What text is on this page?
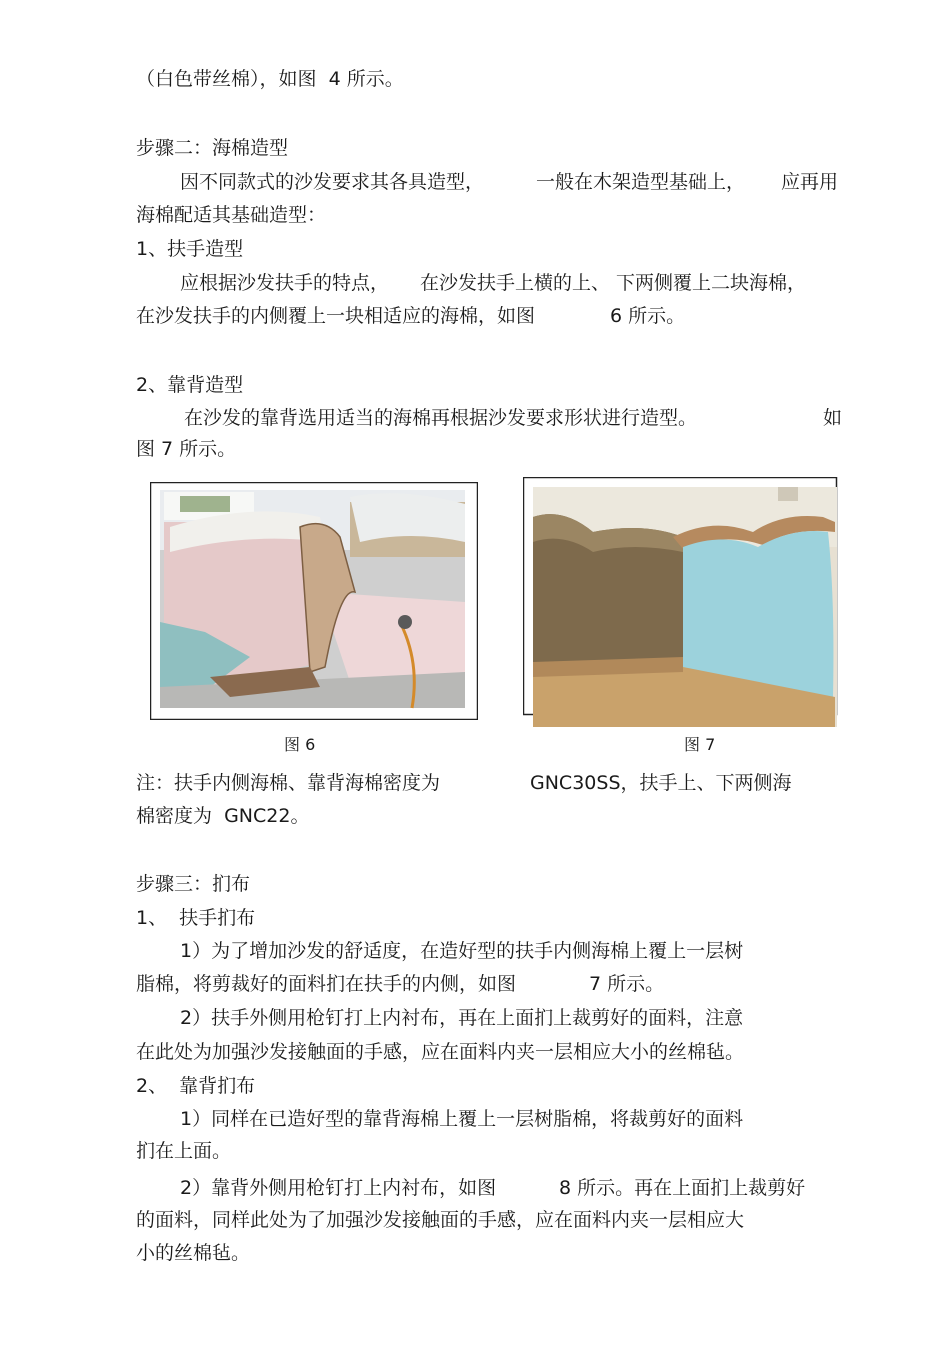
（白色带丝棉），如图  4 所示。
步骤二：海棉造型
因不同款式的沙发要求其各具造型，	一般在木架造型基础上， 应再用
海棉配适其基础造型：
1、扶手造型
应根据沙发扶手的特点， 在沙发扶手上横的上、 下两侧覆上二块海棉，
在沙发扶手的内侧覆上一块相适应的海棉，如图	6 所示。
2、靠背造型
在沙发的靠背选用适当的海棉再根据沙发要求形状进行造型。	如
图 7 所示。
图 6	图 7
注：扶手内侧海棉、靠背海棉密度为	GNC30SS，扶手上、下两侧海
棉密度为  GNC22。
步骤三：扪布
1、  扶手扪布
1）为了增加沙发的舒适度，在造好型的扶手内侧海棉上覆上一层树
脂棉，将剪裁好的面料扪在扶手的内侧，如图	7 所示。
2）扶手外侧用枪钉打上内衬布，再在上面扪上裁剪好的面料，注意
在此处为加强沙发接触面的手感，应在面料内夹一层相应大小的丝棉毡。
2、  靠背扪布
1）同样在已造好型的靠背海棉上覆上一层树脂棉，将裁剪好的面料
扪在上面。
2）靠背外侧用枪钉打上内衬布，如图	8 所示。再在上面扪上裁剪好
的面料，同样此处为了加强沙发接触面的手感，应在面料内夹一层相应大
小的丝棉毡。
